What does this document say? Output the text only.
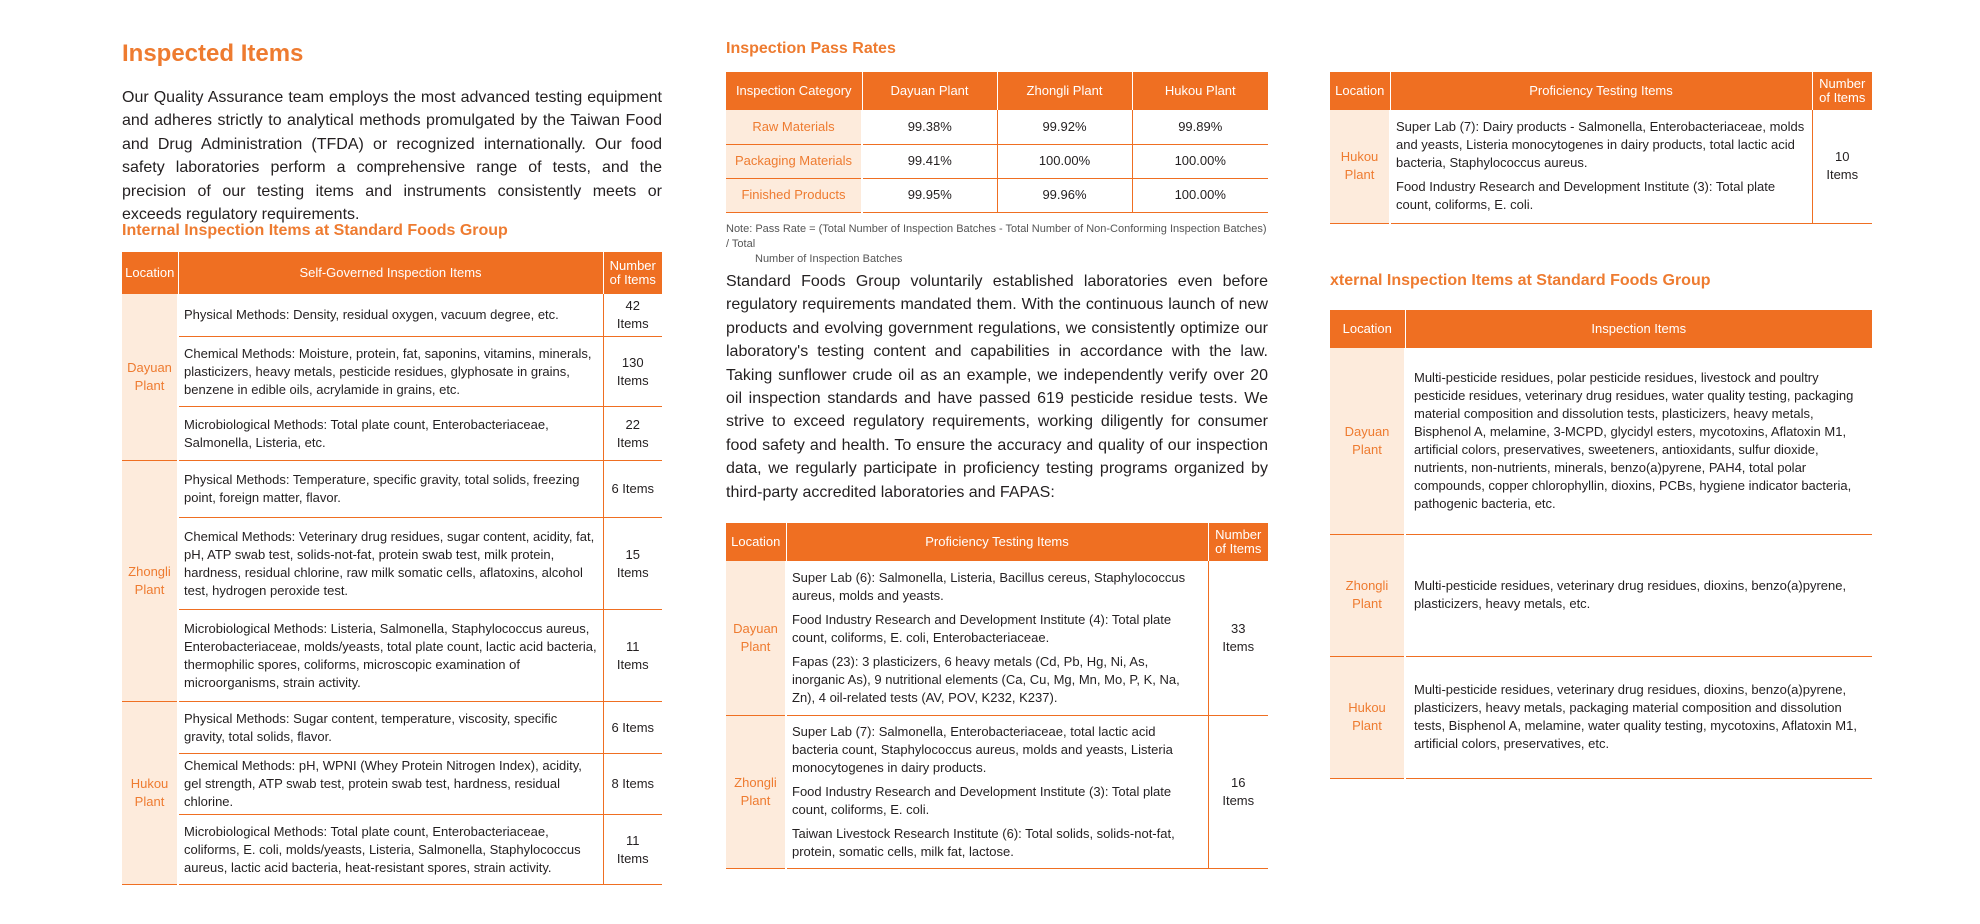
Inspected Items

Our Quality Assurance team employs the most advanced testing equipment and adheres strictly to analytical methods promulgated by the Taiwan Food and Drug Administration (TFDA) or recognized internationally. Our food safety laboratories perform a comprehensive range of tests, and the precision of our testing items and instruments consistently meets or exceeds regulatory requirements.

Internal Inspection Items at Standard Foods Group
Location	Self-Governed Inspection Items	Number of Items
Dayuan Plant	Physical Methods: Density, residual oxygen, vacuum degree, etc.	42 Items
	Chemical Methods: Moisture, protein, fat, saponins, vitamins, minerals, plasticizers, heavy metals, pesticide residues, glyphosate in grains, benzene in edible oils, acrylamide in grains, etc.	130 Items
	Microbiological Methods: Total plate count, Enterobacteriaceae, Salmonella, Listeria, etc.	22 Items
Zhongli Plant	Physical Methods: Temperature, specific gravity, total solids, freezing point, foreign matter, flavor.	6 Items
	Chemical Methods: Veterinary drug residues, sugar content, acidity, fat, pH, ATP swab test, solids-not-fat, protein swab test, milk protein, hardness, residual chlorine, raw milk somatic cells, aflatoxins, alcohol test, hydrogen peroxide test.	15 Items
	Microbiological Methods: Listeria, Salmonella, Staphylococcus aureus, Enterobacteriaceae, molds/yeasts, total plate count, lactic acid bacteria, thermophilic spores, coliforms, microscopic examination of microorganisms, strain activity.	11 Items
Hukou Plant	Physical Methods: Sugar content, temperature, viscosity, specific gravity, total solids, flavor.	6 Items
	Chemical Methods: pH, WPNI (Whey Protein Nitrogen Index), acidity, gel strength, ATP swab test, protein swab test, hardness, residual chlorine.	8 Items
	Microbiological Methods: Total plate count, Enterobacteriaceae, coliforms, E. coli, molds/yeasts, Listeria, Salmonella, Staphylococcus aureus, lactic acid bacteria, heat-resistant spores, strain activity.	11 Items
Inspection Pass Rates
Inspection Category	Dayuan Plant	Zhongli Plant	Hukou Plant
Raw Materials	99.38%	99.92%	99.89%
Packaging Materials	99.41%	100.00%	100.00%
Finished Products	99.95%	99.96%	100.00%

Note: Pass Rate = (Total Number of Inspection Batches - Total Number of Non-Conforming Inspection Batches) / Total
Number of Inspection Batches

Standard Foods Group voluntarily established laboratories even before regulatory requirements mandated them. With the continuous launch of new products and evolving government regulations, we consistently optimize our laboratory's testing content and capabilities in accordance with the law. Taking sunflower crude oil as an example, we independently verify over 20 oil inspection standards and have passed 619 pesticide residue tests. We strive to exceed regulatory requirements, working diligently for consumer food safety and health. To ensure the accuracy and quality of our inspection data, we regularly participate in proficiency testing programs organized by third-party accredited laboratories and FAPAS:

Location	Proficiency Testing Items	Number of Items
Dayuan Plant	Super Lab (6): Salmonella, Listeria, Bacillus cereus, Staphylococcus aureus, molds and yeasts.

Food Industry Research and Development Institute (4): Total plate count, coliforms, E. coli, Enterobacteriaceae.

Fapas (23): 3 plasticizers, 6 heavy metals (Cd, Pb, Hg, Ni, As, inorganic As), 9 nutritional elements (Ca, Cu, Mg, Mn, Mo, P, K, Na, Zn), 4 oil-related tests (AV, POV, K232, K237).	33 Items
Zhongli Plant	Super Lab (7): Salmonella, Enterobacteriaceae, total lactic acid bacteria count, Staphylococcus aureus, molds and yeasts, Listeria monocytogenes in dairy products.

Food Industry Research and Development Institute (3): Total plate count, coliforms, E. coli.

Taiwan Livestock Research Institute (6): Total solids, solids-not-fat, protein, somatic cells, milk fat, lactose.	16 Items
Location	Proficiency Testing Items	Number of Items
Hukou Plant	Super Lab (7): Dairy products - Salmonella, Enterobacteriaceae, molds and yeasts, Listeria monocytogenes in dairy products, total lactic acid bacteria, Staphylococcus aureus.

Food Industry Research and Development Institute (3): Total plate count, coliforms, E. coli.	10 Items
xternal Inspection Items at Standard Foods Group
Location	Inspection Items
Dayuan Plant	Multi-pesticide residues, polar pesticide residues, livestock and poultry pesticide residues, veterinary drug residues, water quality testing, packaging material composition and dissolution tests, plasticizers, heavy metals, Bisphenol A, melamine, 3-MCPD, glycidyl esters, mycotoxins, Aflatoxin M1, artificial colors, preservatives, sweeteners, antioxidants, sulfur dioxide, nutrients, non-nutrients, minerals, benzo(a)pyrene, PAH4, total polar compounds, copper chlorophyllin, dioxins, PCBs, hygiene indicator bacteria, pathogenic bacteria, etc.
Zhongli Plant	Multi-pesticide residues, veterinary drug residues, dioxins, benzo(a)pyrene, plasticizers, heavy metals, etc.
Hukou Plant	Multi-pesticide residues, veterinary drug residues, dioxins, benzo(a)pyrene, plasticizers, heavy metals, packaging material composition and dissolution tests, Bisphenol A, melamine, water quality testing, mycotoxins, Aflatoxin M1, artificial colors, preservatives, etc.
